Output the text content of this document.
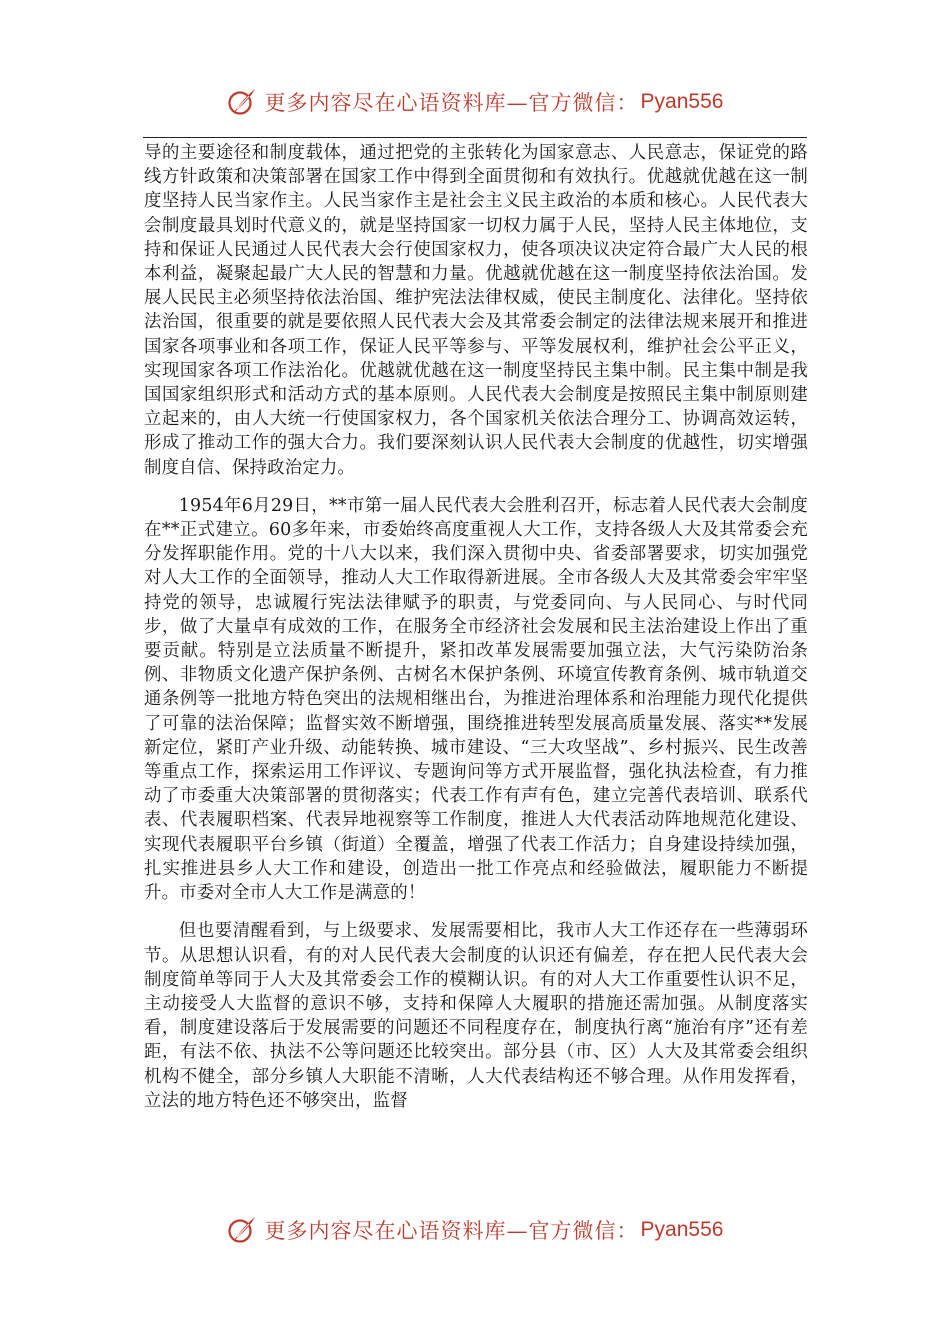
更多内容尽在心语资料库—官方微信： Pyan556

导的主要途径和制度载体，通过把党的主张转化为国家意志、人民意志，保证党的路线方针政策和决策部署在国家工作中得到全面贯彻和有效执行。优越就优越在这一制度坚持人民当家作主。人民当家作主是社会主义民主政治的本质和核心。人民代表大会制度最具划时代意义的，就是坚持国家一切权力属于人民，坚持人民主体地位，支持和保证人民通过人民代表大会行使国家权力，使各项决议决定符合最广大人民的根本利益，凝聚起最广大人民的智慧和力量。优越就优越在这一制度坚持依法治国。发展人民民主必须坚持依法治国、维护宪法法律权威，使民主制度化、法律化。坚持依法治国，很重要的就是要依照人民代表大会及其常委会制定的法律法规来展开和推进国家各项事业和各项工作，保证人民平等参与、平等发展权利，维护社会公平正义，实现国家各项工作法治化。优越就优越在这一制度坚持民主集中制。民主集中制是我国国家组织形式和活动方式的基本原则。人民代表大会制度是按照民主集中制原则建立起来的，由人大统一行使国家权力，各个国家机关依法合理分工、协调高效运转，形成了推动工作的强大合力。我们要深刻认识人民代表大会制度的优越性，切实增强制度自信、保持政治定力。

1954年6月29日，**市第一届人民代表大会胜利召开，标志着人民代表大会制度在**正式建立。60多年来，市委始终高度重视人大工作，支持各级人大及其常委会充分发挥职能作用。党的十八大以来，我们深入贯彻中央、省委部署要求，切实加强党对人大工作的全面领导，推动人大工作取得新进展。全市各级人大及其常委会牢牢坚持党的领导，忠诚履行宪法法律赋予的职责，与党委同向、与人民同心、与时代同步，做了大量卓有成效的工作，在服务全市经济社会发展和民主法治建设上作出了重要贡献。特别是立法质量不断提升，紧扣改革发展需要加强立法，大气污染防治条例、非物质文化遗产保护条例、古树名木保护条例、环境宣传教育条例、城市轨道交通条例等一批地方特色突出的法规相继出台，为推进治理体系和治理能力现代化提供了可靠的法治保障；监督实效不断增强，围绕推进转型发展高质量发展、落实**发展新定位，紧盯产业升级、动能转换、城市建设、“三大攻坚战”、乡村振兴、民生改善等重点工作，探索运用工作评议、专题询问等方式开展监督，强化执法检查，有力推动了市委重大决策部署的贯彻落实；代表工作有声有色，建立完善代表培训、联系代表、代表履职档案、代表异地视察等工作制度，推进人大代表活动阵地规范化建设、实现代表履职平台乡镇（街道）全覆盖，增强了代表工作活力；自身建设持续加强，扎实推进县乡人大工作和建设，创造出一批工作亮点和经验做法，履职能力不断提升。市委对全市人大工作是满意的！

但也要清醒看到，与上级要求、发展需要相比，我市人大工作还存在一些薄弱环节。从思想认识看，有的对人民代表大会制度的认识还有偏差，存在把人民代表大会制度简单等同于人大及其常委会工作的模糊认识。有的对人大工作重要性认识不足，主动接受人大监督的意识不够，支持和保障人大履职的措施还需加强。从制度落实看，制度建设落后于发展需要的问题还不同程度存在，制度执行离“施治有序”还有差距，有法不依、执法不公等问题还比较突出。部分县（市、区）人大及其常委会组织机构不健全，部分乡镇人大职能不清晰，人大代表结构还不够合理。从作用发挥看，立法的地方特色还不够突出，监督

更多内容尽在心语资料库—官方微信： Pyan556
